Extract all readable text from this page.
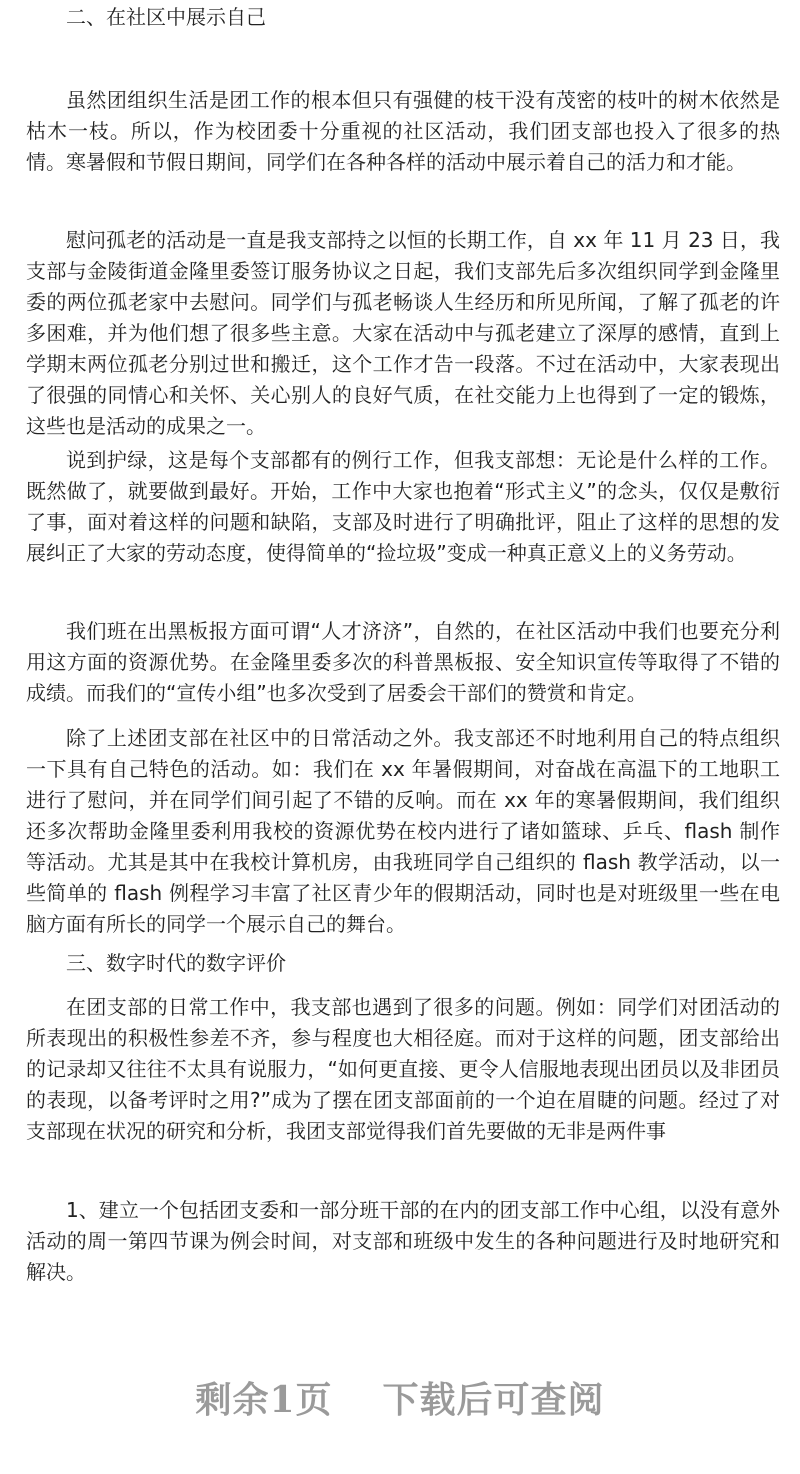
二、在社区中展示自己

虽然团组织生活是团工作的根本但只有强健的枝干没有茂密的枝叶的树木依然是枯木一枝。所以，作为校团委十分重视的社区活动，我们团支部也投入了很多的热情。寒暑假和节假日期间，同学们在各种各样的活动中展示着自己的活力和才能。

慰问孤老的活动是一直是我支部持之以恒的长期工作，自 xx 年 11 月 23 日，我支部与金陵街道金隆里委签订服务协议之日起，我们支部先后多次组织同学到金隆里委的两位孤老家中去慰问。同学们与孤老畅谈人生经历和所见所闻，了解了孤老的许多困难，并为他们想了很多些主意。大家在活动中与孤老建立了深厚的感情，直到上学期末两位孤老分别过世和搬迁，这个工作才告一段落。不过在活动中，大家表现出了很强的同情心和关怀、关心别人的良好气质，在社交能力上也得到了一定的锻炼，这些也是活动的成果之一。

说到护绿，这是每个支部都有的例行工作，但我支部想：无论是什么样的工作。既然做了，就要做到最好。开始，工作中大家也抱着“形式主义”的念头，仅仅是敷衍了事，面对着这样的问题和缺陷，支部及时进行了明确批评，阻止了这样的思想的发展纠正了大家的劳动态度，使得简单的“捡垃圾”变成一种真正意义上的义务劳动。

我们班在出黑板报方面可谓“人才济济”，自然的，在社区活动中我们也要充分利用这方面的资源优势。在金隆里委多次的科普黑板报、安全知识宣传等取得了不错的成绩。而我们的“宣传小组”也多次受到了居委会干部们的赞赏和肯定。

除了上述团支部在社区中的日常活动之外。我支部还不时地利用自己的特点组织一下具有自己特色的活动。如：我们在 xx 年暑假期间，对奋战在高温下的工地职工进行了慰问，并在同学们间引起了不错的反响。而在 xx 年的寒暑假期间，我们组织还多次帮助金隆里委利用我校的资源优势在校内进行了诸如篮球、乒乓、flash 制作等活动。尤其是其中在我校计算机房，由我班同学自己组织的 flash 教学活动，以一些简单的 flash 例程学习丰富了社区青少年的假期活动，同时也是对班级里一些在电脑方面有所长的同学一个展示自己的舞台。

三、数字时代的数字评价

在团支部的日常工作中，我支部也遇到了很多的问题。例如：同学们对团活动的所表现出的积极性参差不齐，参与程度也大相径庭。而对于这样的问题，团支部给出的记录却又往往不太具有说服力，“如何更直接、更令人信服地表现出团员以及非团员的表现，以备考评时之用?”成为了摆在团支部面前的一个迫在眉睫的问题。经过了对支部现在状况的研究和分析，我团支部觉得我们首先要做的无非是两件事

1、建立一个包括团支委和一部分班干部的在内的团支部工作中心组，以没有意外活动的周一第四节课为例会时间，对支部和班级中发生的各种问题进行及时地研究和解决。

剩余1页 下载后可查阅
